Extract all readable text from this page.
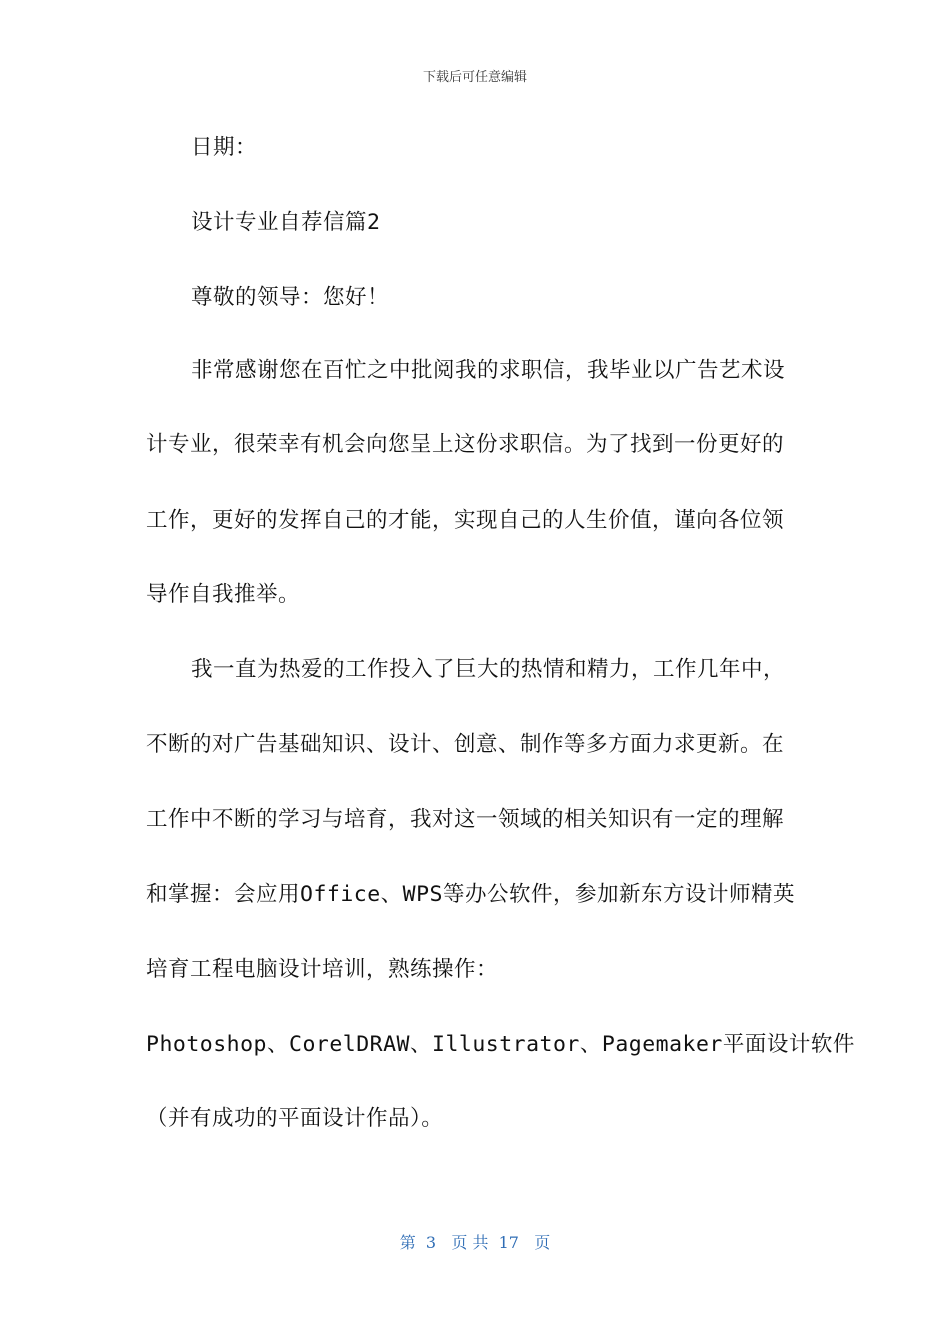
下载后可任意编辑
日期：
设计专业自荐信篇2
尊敬的领导：您好！
非常感谢您在百忙之中批阅我的求职信，我毕业以广告艺术设
计专业，很荣幸有机会向您呈上这份求职信。为了找到一份更好的
工作，更好的发挥自己的才能，实现自己的人生价值，谨向各位领
导作自我推举。
我一直为热爱的工作投入了巨大的热情和精力，工作几年中，
不断的对广告基础知识、设计、创意、制作等多方面力求更新。在
工作中不断的学习与培育，我对这一领域的相关知识有一定的理解
和掌握：会应用Office、WPS等办公软件，参加新东方设计师精英
培育工程电脑设计培训，熟练操作：
Photoshop、CorelDRAW、Illustrator、Pagemaker平面设计软件
（并有成功的平面设计作品）。
第  3   页 共  17   页
